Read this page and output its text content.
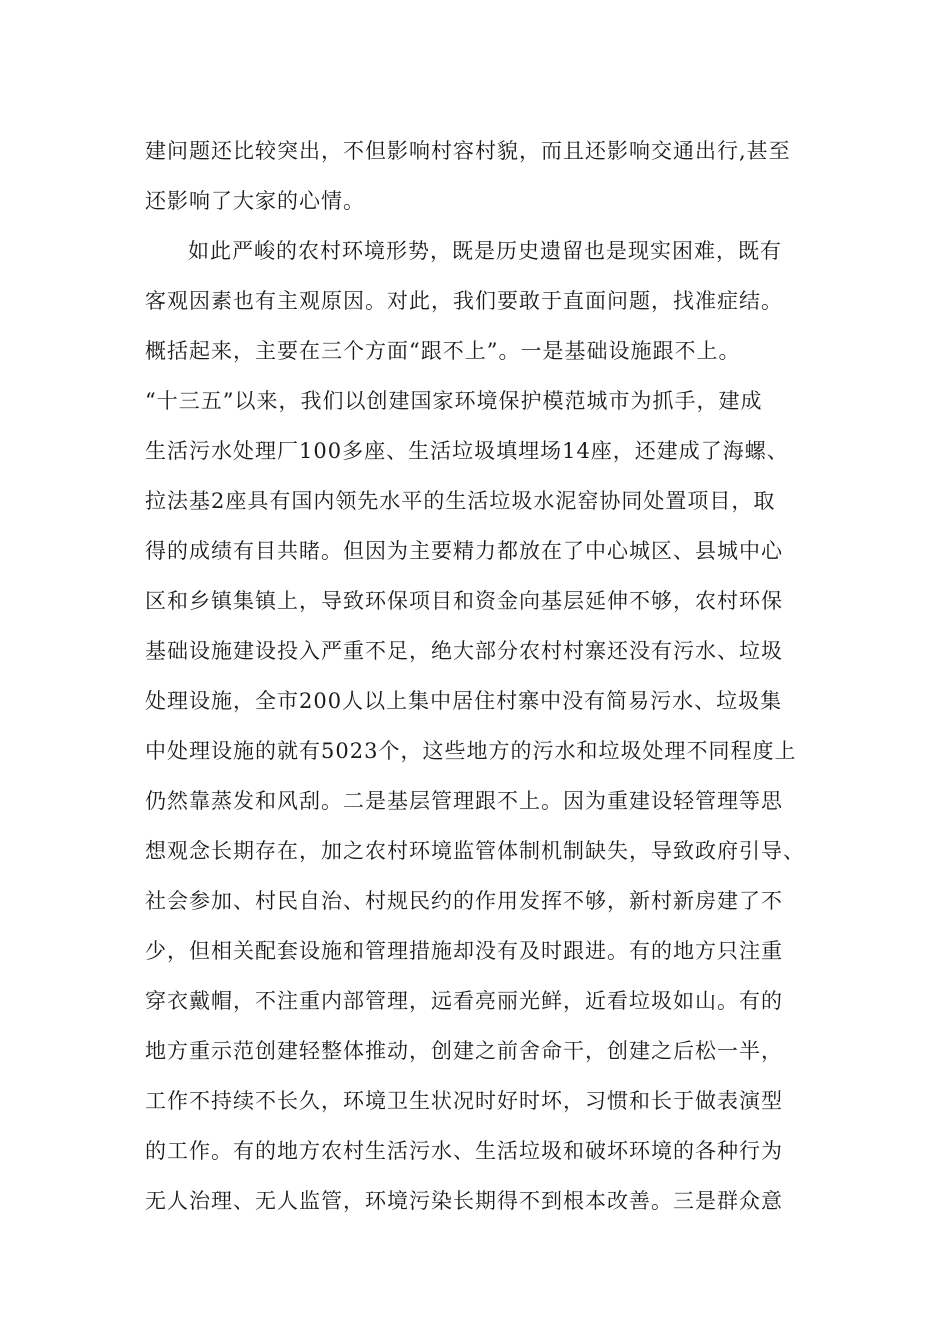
建问题还比较突出，不但影响村容村貌，而且还影响交通出行,甚至
还影响了大家的心情。
如此严峻的农村环境形势，既是历史遗留也是现实困难，既有
客观因素也有主观原因。对此，我们要敢于直面问题，找准症结。
概括起来，主要在三个方面“跟不上”。一是基础设施跟不上。
“十三五”以来，我们以创建国家环境保护模范城市为抓手，建成
生活污水处理厂100多座、生活垃圾填埋场14座，还建成了海螺、
拉法基2座具有国内领先水平的生活垃圾水泥窑协同处置项目，取
得的成绩有目共睹。但因为主要精力都放在了中心城区、县城中心
区和乡镇集镇上，导致环保项目和资金向基层延伸不够，农村环保
基础设施建设投入严重不足，绝大部分农村村寨还没有污水、垃圾
处理设施，全市200人以上集中居住村寨中没有简易污水、垃圾集
中处理设施的就有5023个，这些地方的污水和垃圾处理不同程度上
仍然靠蒸发和风刮。二是基层管理跟不上。因为重建设轻管理等思
想观念长期存在，加之农村环境监管体制机制缺失，导致政府引导、
社会参加、村民自治、村规民约的作用发挥不够，新村新房建了不
少，但相关配套设施和管理措施却没有及时跟进。有的地方只注重
穿衣戴帽，不注重内部管理，远看亮丽光鲜，近看垃圾如山。有的
地方重示范创建轻整体推动，创建之前舍命干，创建之后松一半，
工作不持续不长久，环境卫生状况时好时坏，习惯和长于做表演型
的工作。有的地方农村生活污水、生活垃圾和破坏环境的各种行为
无人治理、无人监管，环境污染长期得不到根本改善。三是群众意
